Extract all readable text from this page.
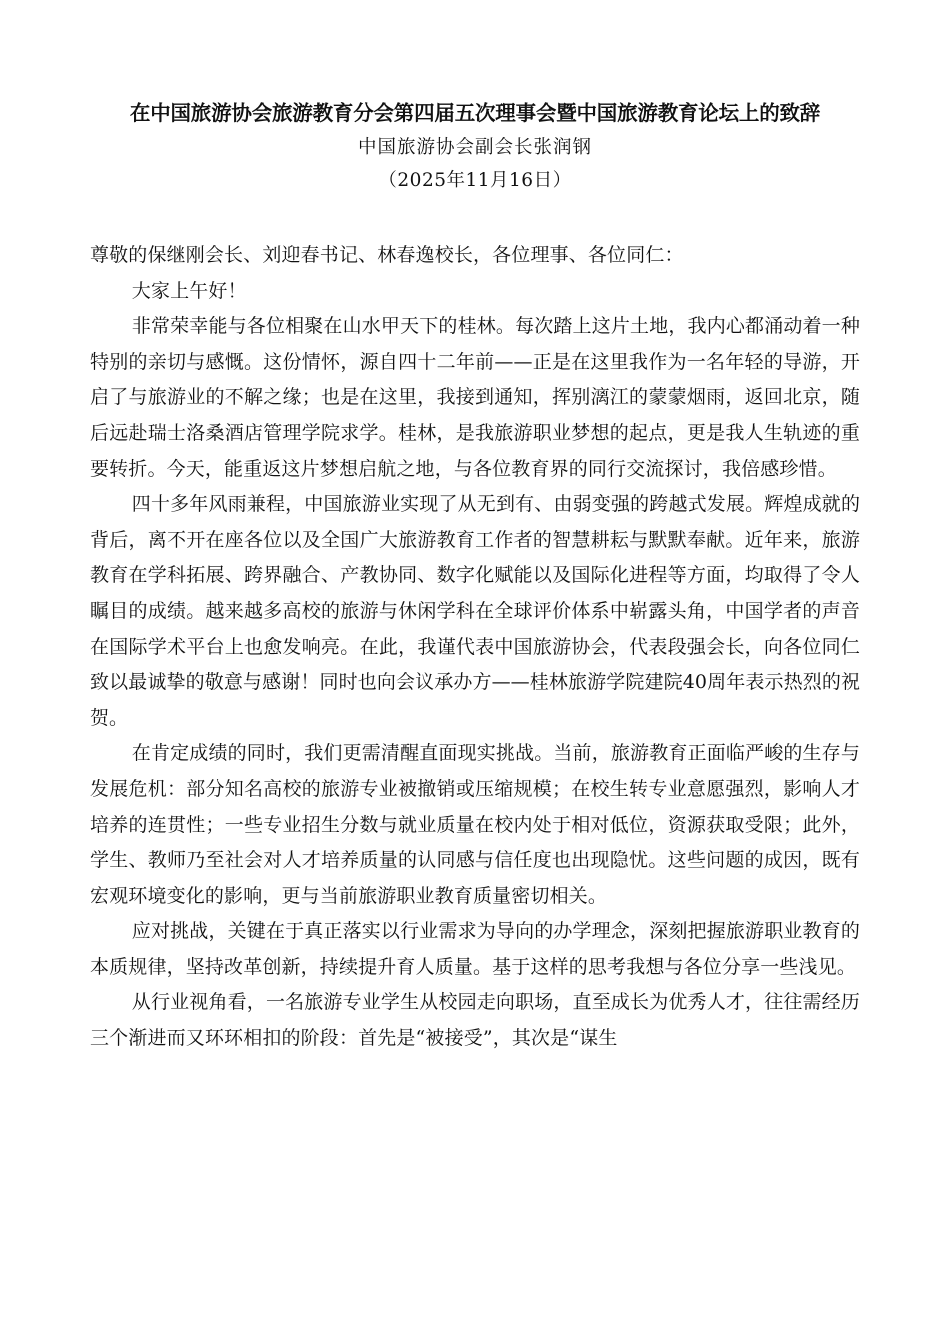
在中国旅游协会旅游教育分会第四届五次理事会暨中国旅游教育论坛上的致辞
中国旅游协会副会长张润钢
（2025年11月16日）

尊敬的保继刚会长、刘迎春书记、林春逸校长，各位理事、各位同仁：

大家上午好！

非常荣幸能与各位相聚在山水甲天下的桂林。每次踏上这片土地，我内心都涌动着一种特别的亲切与感慨。这份情怀，源自四十二年前——正是在这里我作为一名年轻的导游，开启了与旅游业的不解之缘；也是在这里，我接到通知，挥别漓江的蒙蒙烟雨，返回北京，随后远赴瑞士洛桑酒店管理学院求学。桂林，是我旅游职业梦想的起点，更是我人生轨迹的重要转折。今天，能重返这片梦想启航之地，与各位教育界的同行交流探讨，我倍感珍惜。

四十多年风雨兼程，中国旅游业实现了从无到有、由弱变强的跨越式发展。辉煌成就的背后，离不开在座各位以及全国广大旅游教育工作者的智慧耕耘与默默奉献。近年来，旅游教育在学科拓展、跨界融合、产教协同、数字化赋能以及国际化进程等方面，均取得了令人瞩目的成绩。越来越多高校的旅游与休闲学科在全球评价体系中崭露头角，中国学者的声音在国际学术平台上也愈发响亮。在此，我谨代表中国旅游协会，代表段强会长，向各位同仁致以最诚挚的敬意与感谢！同时也向会议承办方——桂林旅游学院建院40周年表示热烈的祝贺。

在肯定成绩的同时，我们更需清醒直面现实挑战。当前，旅游教育正面临严峻的生存与发展危机：部分知名高校的旅游专业被撤销或压缩规模；在校生转专业意愿强烈，影响人才培养的连贯性；一些专业招生分数与就业质量在校内处于相对低位，资源获取受限；此外，学生、教师乃至社会对人才培养质量的认同感与信任度也出现隐忧。这些问题的成因，既有宏观环境变化的影响，更与当前旅游职业教育质量密切相关。

应对挑战，关键在于真正落实以行业需求为导向的办学理念，深刻把握旅游职业教育的本质规律，坚持改革创新，持续提升育人质量。基于这样的思考我想与各位分享一些浅见。

从行业视角看，一名旅游专业学生从校园走向职场，直至成长为优秀人才，往往需经历三个渐进而又环环相扣的阶段：首先是“被接受”，其次是“谋生
